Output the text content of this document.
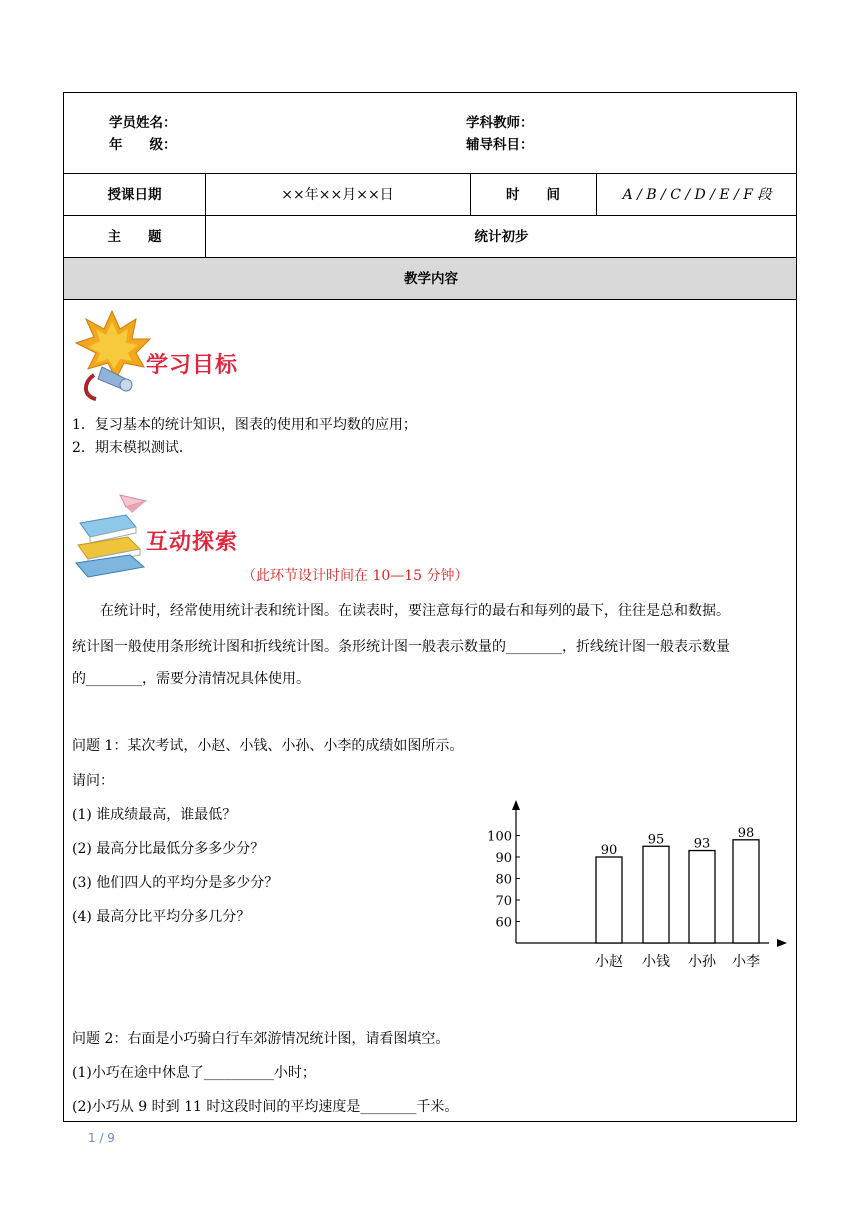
学员姓名：
年　　级：
学科教师：
辅导科目：
授课日期	××年××月××日	时　　间	A / B / C / D / E / F 段
主　　题	统计初步
教学内容
学习目标
1．复习基本的统计知识，图表的使用和平均数的应用；
2．期末模拟测试．
互动探索
（此环节设计时间在 10—15 分钟）
在统计时，经常使用统计表和统计图。在读表时，要注意每行的最右和每列的最下，往往是总和数据。
统计图一般使用条形统计图和折线统计图。条形统计图一般表示数量的________，折线统计图一般表示数量
的________，需要分清情况具体使用。
问题 1：某次考试，小赵、小钱、小孙、小李的成绩如图所示。
请问：
(1) 谁成绩最高，谁最低？
(2) 最高分比最低分多多少分？
(3) 他们四人的平均分是多少分？
(4) 最高分比平均分多几分？	60
70
80
90
100
90
小赵
95
小钱
93
小孙
98
小李
问题 2：右面是小巧骑白行车郊游情况统计图，请看图填空。
(1)小巧在途中休息了__________小时；
(2)小巧从 9 时到 11 时这段时间的平均速度是________千米。
1 / 9
